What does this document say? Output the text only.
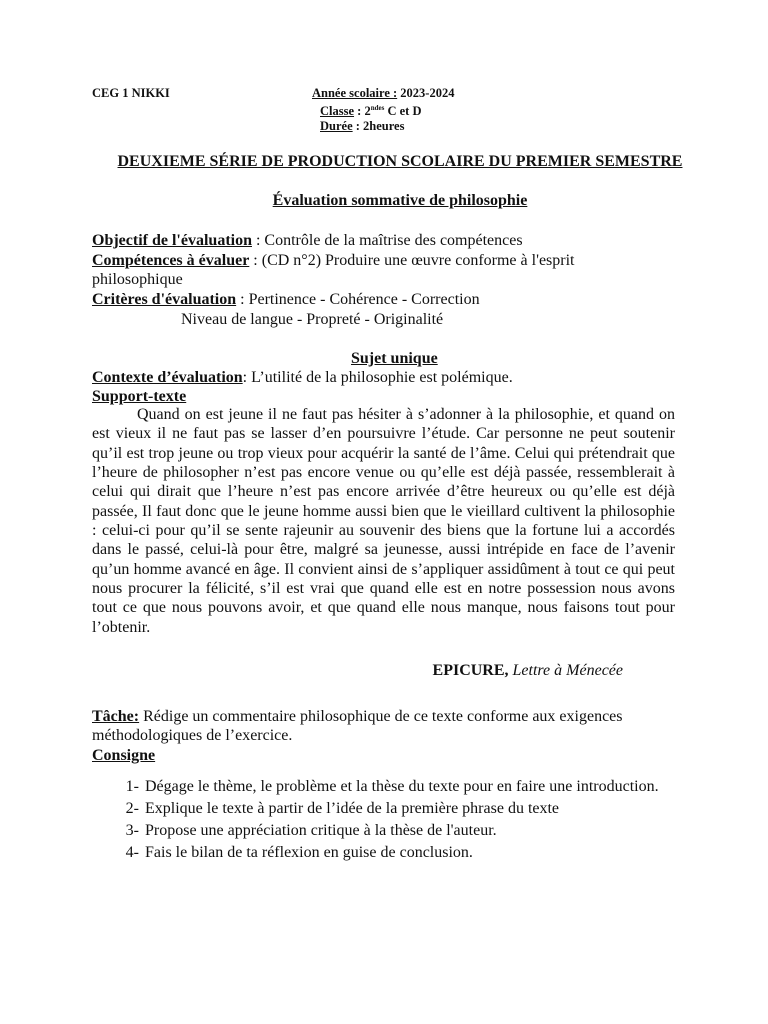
CEG 1 NIKKI	Année scolaire : 2023-2024
Classe : $2^{ndes}$ C et D
Durée : 2heures
DEUXIEME SÉRIE DE PRODUCTION SCOLAIRE DU PREMIER SEMESTRE
Évaluation sommative de philosophie
Objectif de l'évaluation : Contrôle de la maîtrise des compétences
Compétences à évaluer : (CD n°2) Produire une œuvre conforme à l'esprit philosophique
Critères d'évaluation : Pertinence - Cohérence - Correction
Niveau de langue - Propreté - Originalité
Sujet unique
Contexte d’évaluation: L’utilité de la philosophie est polémique.
Support-texte

Quand on est jeune il ne faut pas hésiter à s’adonner à la philosophie, et quand on est vieux il ne faut pas se lasser d’en poursuivre l’étude. Car personne ne peut soutenir qu’il est trop jeune ou trop vieux pour acquérir la santé de l’âme. Celui qui prétendrait que l’heure de philosopher n’est pas encore venue ou qu’elle est déjà passée, ressemblerait à celui qui dirait que l’heure n’est pas encore arrivée d’être heureux ou qu’elle est déjà passée, Il faut donc que le jeune homme aussi bien que le vieillard cultivent la philosophie : celui-ci pour qu’il se sente rajeunir au souvenir des biens que la fortune lui a accordés dans le passé, celui-là pour être, malgré sa jeunesse, aussi intrépide en face de l’avenir qu’un homme avancé en âge. Il convient ainsi de s’appliquer assidûment à tout ce qui peut nous procurer la félicité, s’il est vrai que quand elle est en notre possession nous avons tout ce que nous pouvons avoir, et que quand elle nous manque, nous faisons tout pour l’obtenir.

EPICURE, Lettre à Ménecée
Tâche: Rédige un commentaire philosophique de ce texte conforme aux exigences méthodologiques de l’exercice.
Consigne
1- Dégage le thème, le problème et la thèse du texte pour en faire une introduction.
2- Explique le texte à partir de l’idée de la première phrase du texte
3- Propose une appréciation critique à la thèse de l'auteur.
4- Fais le bilan de ta réflexion en guise de conclusion.
